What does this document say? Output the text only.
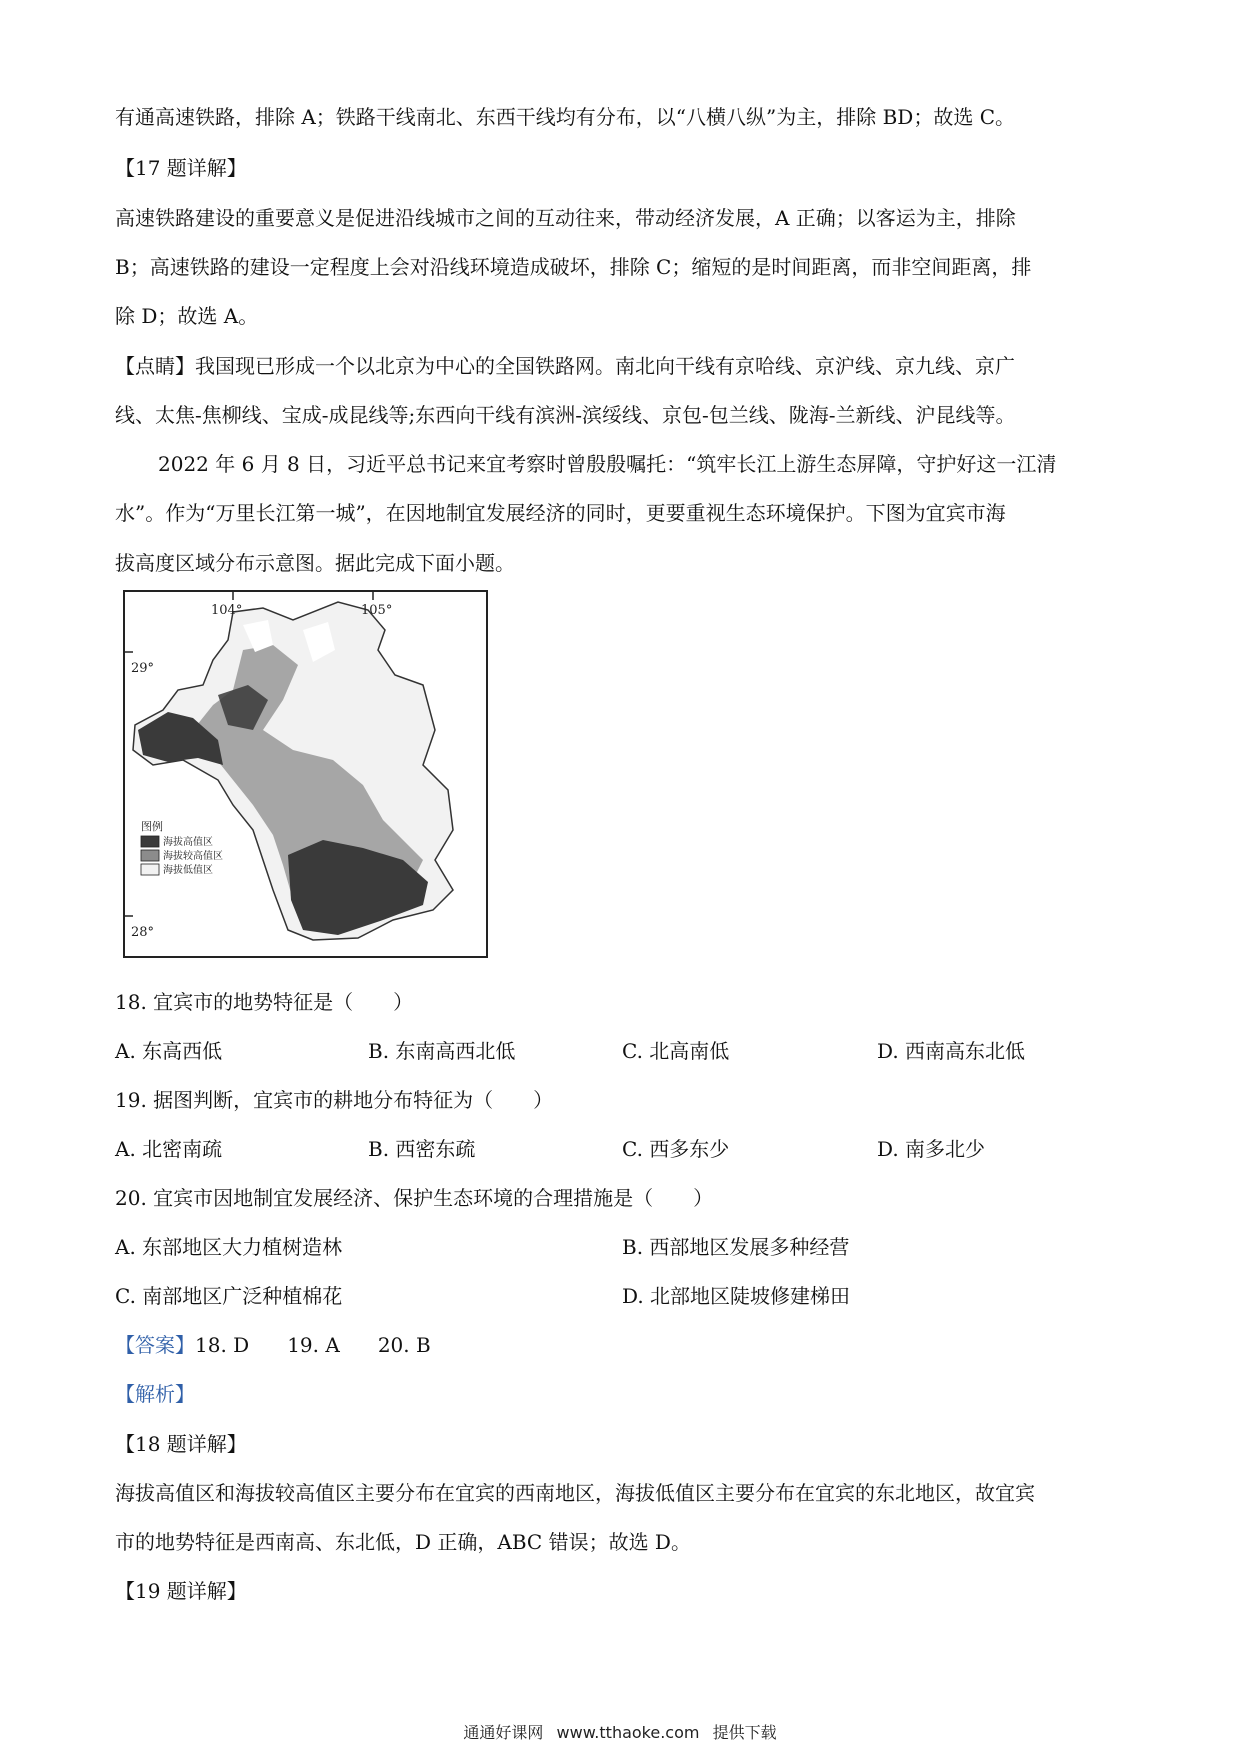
有通高速铁路，排除 A；铁路干线南北、东西干线均有分布，以“八横八纵”为主，排除 BD；故选 C。
【17 题详解】
高速铁路建设的重要意义是促进沿线城市之间的互动往来，带动经济发展，A 正确；以客运为主，排除
B；高速铁路的建设一定程度上会对沿线环境造成破坏，排除 C；缩短的是时间距离，而非空间距离，排
除 D；故选 A。
【点睛】我国现已形成一个以北京为中心的全国铁路网。南北向干线有京哈线、京沪线、京九线、京广
线、太焦-焦柳线、宝成-成昆线等;东西向干线有滨洲-滨绥线、京包-包兰线、陇海-兰新线、沪昆线等。
2022 年 6 月 8 日，习近平总书记来宜考察时曾殷殷嘱托：“筑牢长江上游生态屏障，守护好这一江清
水”。作为“万里长江第一城”，在因地制宜发展经济的同时，更要重视生态环境保护。下图为宜宾市海
拔高度区域分布示意图。据此完成下面小题。
104°	105°
29°
28°
图例
海拔高值区
海拔较高值区
海拔低值区
18. 宜宾市的地势特征是（　　）
A. 东高西低	B. 东南高西北低	C. 北高南低	D. 西南高东北低
19. 据图判断，宜宾市的耕地分布特征为（　　）
A. 北密南疏	B. 西密东疏	C. 西多东少	D. 南多北少
20. 宜宾市因地制宜发展经济、保护生态环境的合理措施是（　　）
A. 东部地区大力植树造林	B. 西部地区发展多种经营
C. 南部地区广泛种植棉花	D. 北部地区陡坡修建梯田
【答案】18. D 19. A 20. B
【解析】
【18 题详解】
海拔高值区和海拔较高值区主要分布在宜宾的西南地区，海拔低值区主要分布在宜宾的东北地区，故宜宾
市的地势特征是西南高、东北低，D 正确，ABC 错误；故选 D。
【19 题详解】
通通好课网 www.tthaoke.com 提供下载
